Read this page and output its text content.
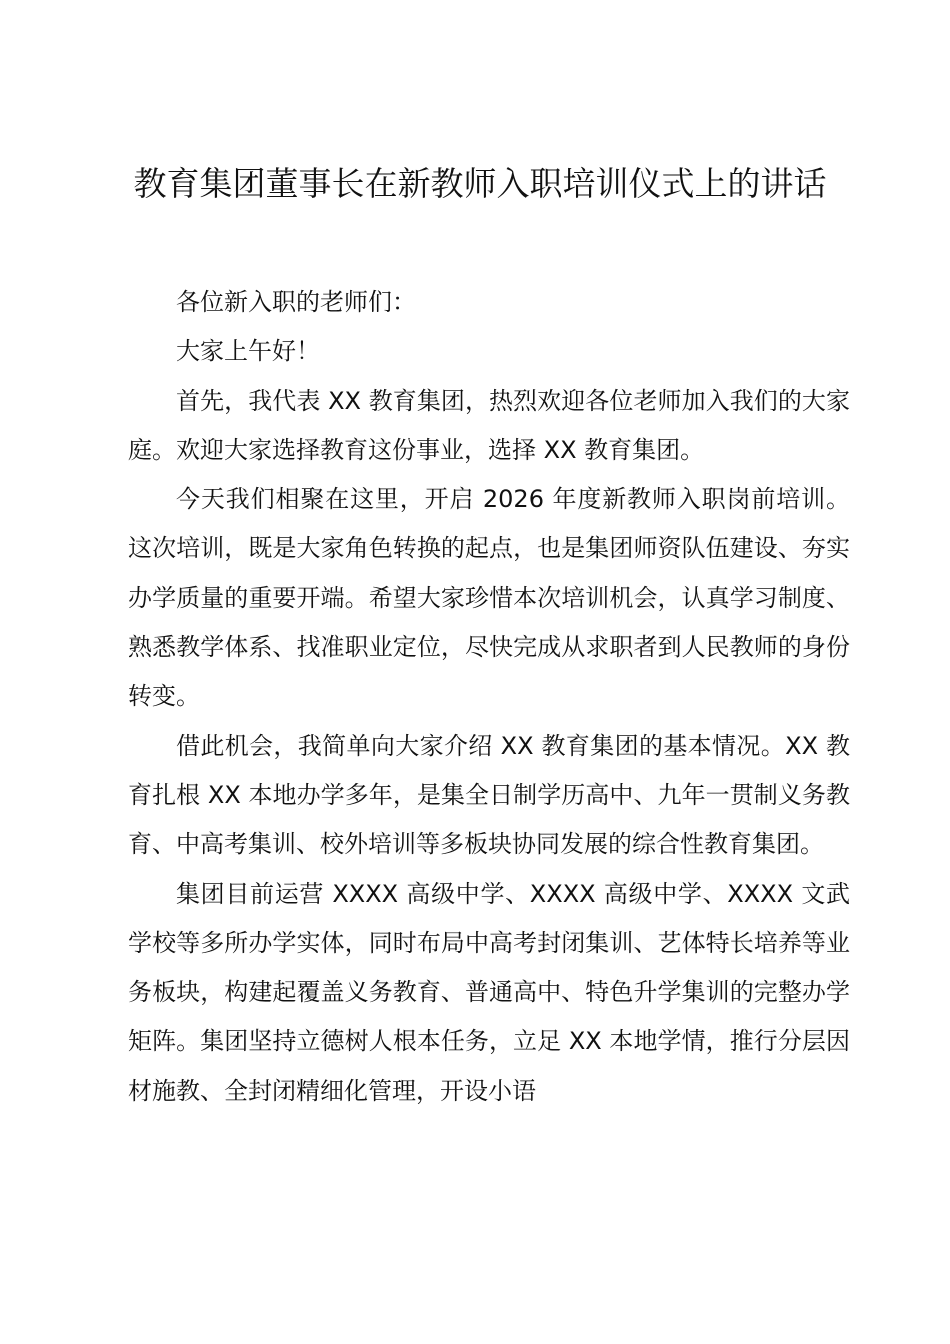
教育集团董事长在新教师入职培训仪式上的讲话

各位新入职的老师们：

大家上午好！

首先，我代表 XX 教育集团，热烈欢迎各位老师加入我们的大家庭。欢迎大家选择教育这份事业，选择 XX 教育集团。

今天我们相聚在这里，开启 2026 年度新教师入职岗前培训。这次培训，既是大家角色转换的起点，也是集团师资队伍建设、夯实办学质量的重要开端。希望大家珍惜本次培训机会，认真学习制度、熟悉教学体系、找准职业定位，尽快完成从求职者到人民教师的身份转变。

借此机会，我简单向大家介绍 XX 教育集团的基本情况。XX 教育扎根 XX 本地办学多年，是集全日制学历高中、九年一贯制义务教育、中高考集训、校外培训等多板块协同发展的综合性教育集团。

集团目前运营 XXXX 高级中学、XXXX 高级中学、XXXX 文武学校等多所办学实体，同时布局中高考封闭集训、艺体特长培养等业务板块，构建起覆盖义务教育、普通高中、特色升学集训的完整办学矩阵。集团坚持立德树人根本任务，立足 XX 本地学情，推行分层因材施教、全封闭精细化管理，开设小语
